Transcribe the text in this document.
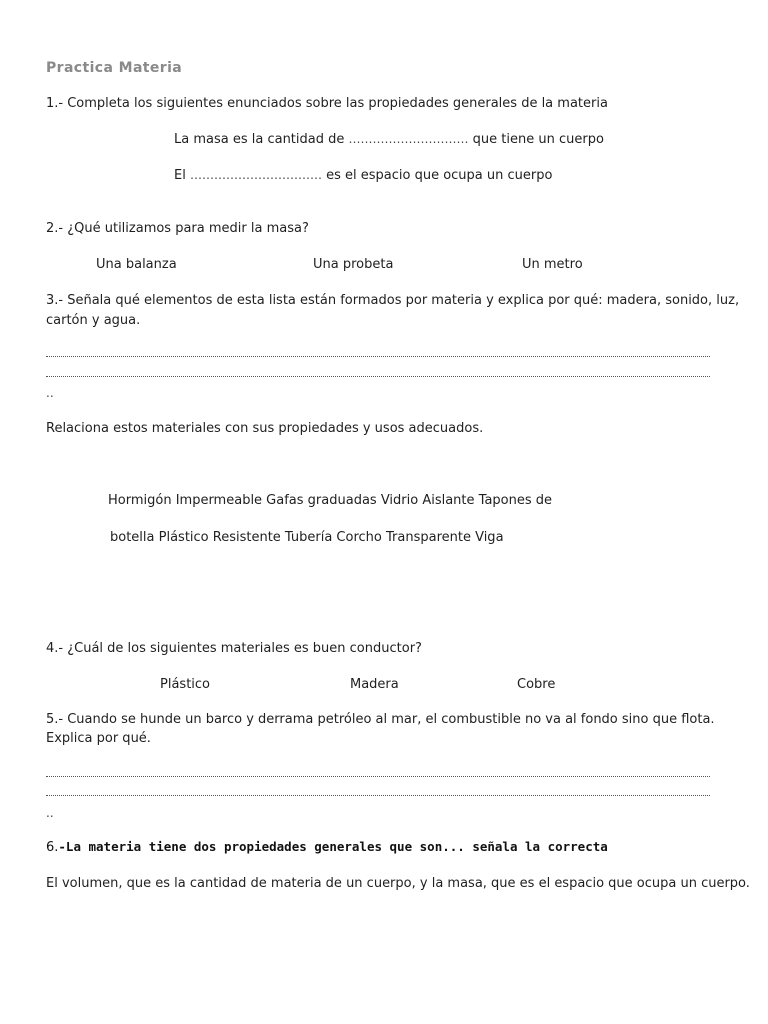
Practica Materia
1.- Completa los siguientes enunciados sobre las propiedades generales de la materia
La masa es la cantidad de ………………………… que tiene un cuerpo
El …………………………… es el espacio que ocupa un cuerpo
2.- ¿Qué utilizamos para medir la masa?
Una balanza	Una probeta	Un metro
3.- Señala qué elementos de esta lista están formados por materia y explica por qué: madera, sonido, luz,
cartón y agua.
..
Relaciona estos materiales con sus propiedades y usos adecuados.
Hormigón Impermeable Gafas graduadas Vidrio Aislante Tapones de
botella Plástico Resistente Tubería Corcho Transparente Viga
4.- ¿Cuál de los siguientes materiales es buen conductor?
Plástico	Madera	Cobre
5.- Cuando se hunde un barco y derrama petróleo al mar, el combustible no va al fondo sino que flota.
Explica por qué.
..
6.-La materia tiene dos propiedades generales que son... señala la correcta
El volumen, que es la cantidad de materia de un cuerpo, y la masa, que es el espacio que ocupa un cuerpo.
